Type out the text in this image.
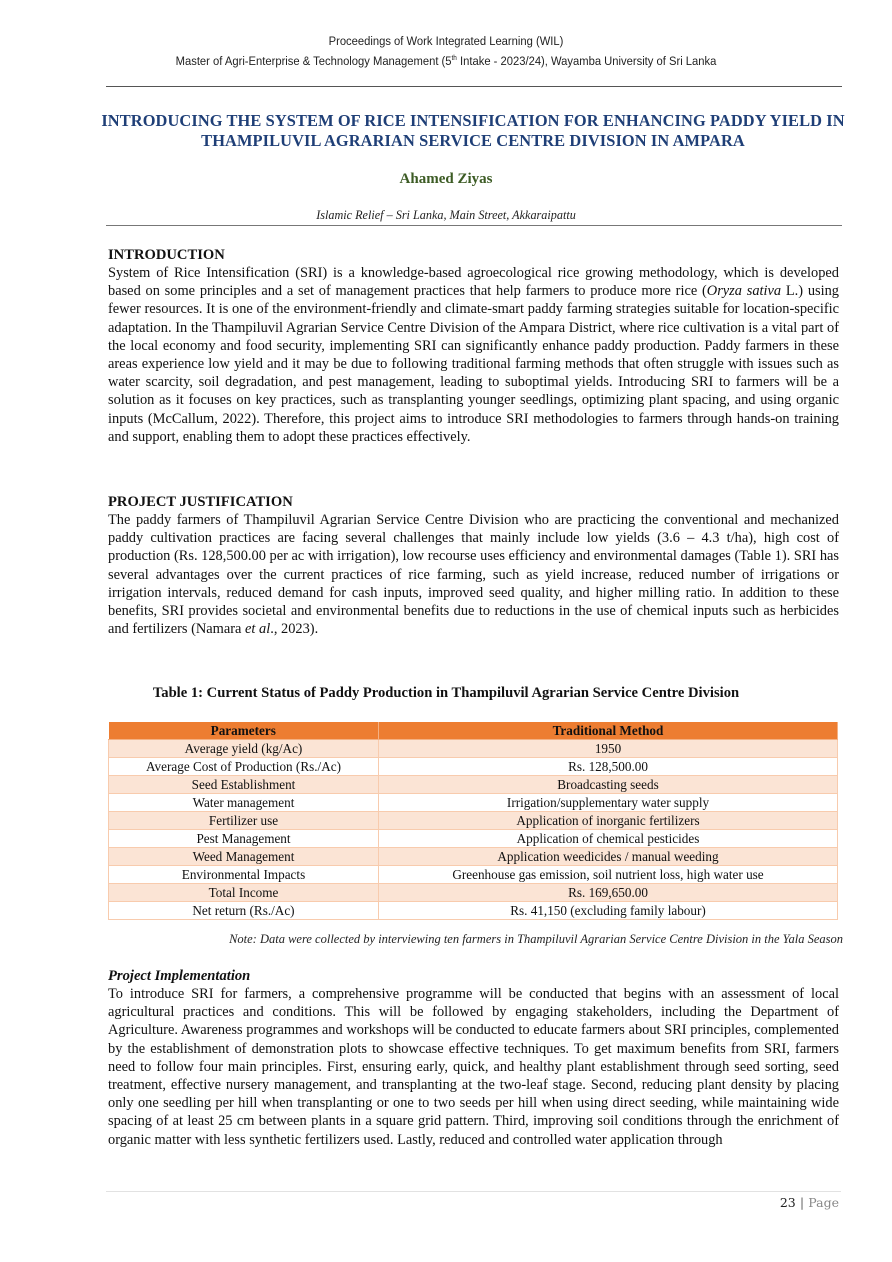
Proceedings of Work Integrated Learning (WIL)
Master of Agri-Enterprise & Technology Management (5th Intake - 2023/24), Wayamba University of Sri Lanka
INTRODUCING THE SYSTEM OF RICE INTENSIFICATION FOR ENHANCING PADDY YIELD IN THAMPILUVIL AGRARIAN SERVICE CENTRE DIVISION IN AMPARA
Ahamed Ziyas
Islamic Relief – Sri Lanka, Main Street, Akkaraipattu
INTRODUCTION
System of Rice Intensification (SRI) is a knowledge-based agroecological rice growing methodology, which is developed based on some principles and a set of management practices that help farmers to produce more rice (Oryza sativa L.) using fewer resources. It is one of the environment-friendly and climate-smart paddy farming strategies suitable for location-specific adaptation. In the Thampiluvil Agrarian Service Centre Division of the Ampara District, where rice cultivation is a vital part of the local economy and food security, implementing SRI can significantly enhance paddy production. Paddy farmers in these areas experience low yield and it may be due to following traditional farming methods that often struggle with issues such as water scarcity, soil degradation, and pest management, leading to suboptimal yields. Introducing SRI to farmers will be a solution as it focuses on key practices, such as transplanting younger seedlings, optimizing plant spacing, and using organic inputs (McCallum, 2022). Therefore, this project aims to introduce SRI methodologies to farmers through hands-on training and support, enabling them to adopt these practices effectively.
PROJECT JUSTIFICATION
The paddy farmers of Thampiluvil Agrarian Service Centre Division who are practicing the conventional and mechanized paddy cultivation practices are facing several challenges that mainly include low yields (3.6 – 4.3 t/ha), high cost of production (Rs. 128,500.00 per ac with irrigation), low recourse uses efficiency and environmental damages (Table 1). SRI has several advantages over the current practices of rice farming, such as yield increase, reduced number of irrigations or irrigation intervals, reduced demand for cash inputs, improved seed quality, and higher milling ratio. In addition to these benefits, SRI provides societal and environmental benefits due to reductions in the use of chemical inputs such as herbicides and fertilizers (Namara et al., 2023).
Table 1: Current Status of Paddy Production in Thampiluvil Agrarian Service Centre Division
Parameters	Traditional Method
Average yield (kg/Ac)	1950
Average Cost of Production (Rs./Ac)	Rs. 128,500.00
Seed Establishment	Broadcasting seeds
Water management	Irrigation/supplementary water supply
Fertilizer use	Application of inorganic fertilizers
Pest Management	Application of chemical pesticides
Weed Management	Application weedicides / manual weeding
Environmental Impacts	Greenhouse gas emission, soil nutrient loss, high water use
Total Income	Rs. 169,650.00
Net return (Rs./Ac)	Rs. 41,150 (excluding family labour)
Note: Data were collected by interviewing ten farmers in Thampiluvil Agrarian Service Centre Division in the Yala Season
Project Implementation
To introduce SRI for farmers, a comprehensive programme will be conducted that begins with an assessment of local agricultural practices and conditions. This will be followed by engaging stakeholders, including the Department of Agriculture. Awareness programmes and workshops will be conducted to educate farmers about SRI principles, complemented by the establishment of demonstration plots to showcase effective techniques. To get maximum benefits from SRI, farmers need to follow four main principles. First, ensuring early, quick, and healthy plant establishment through seed sorting, seed treatment, effective nursery management, and transplanting at the two-leaf stage. Second, reducing plant density by placing only one seedling per hill when transplanting or one to two seeds per hill when using direct seeding, while maintaining wide spacing of at least 25 cm between plants in a square grid pattern. Third, improving soil conditions through the enrichment of organic matter with less synthetic fertilizers used. Lastly, reduced and controlled water application through
23 | Page
